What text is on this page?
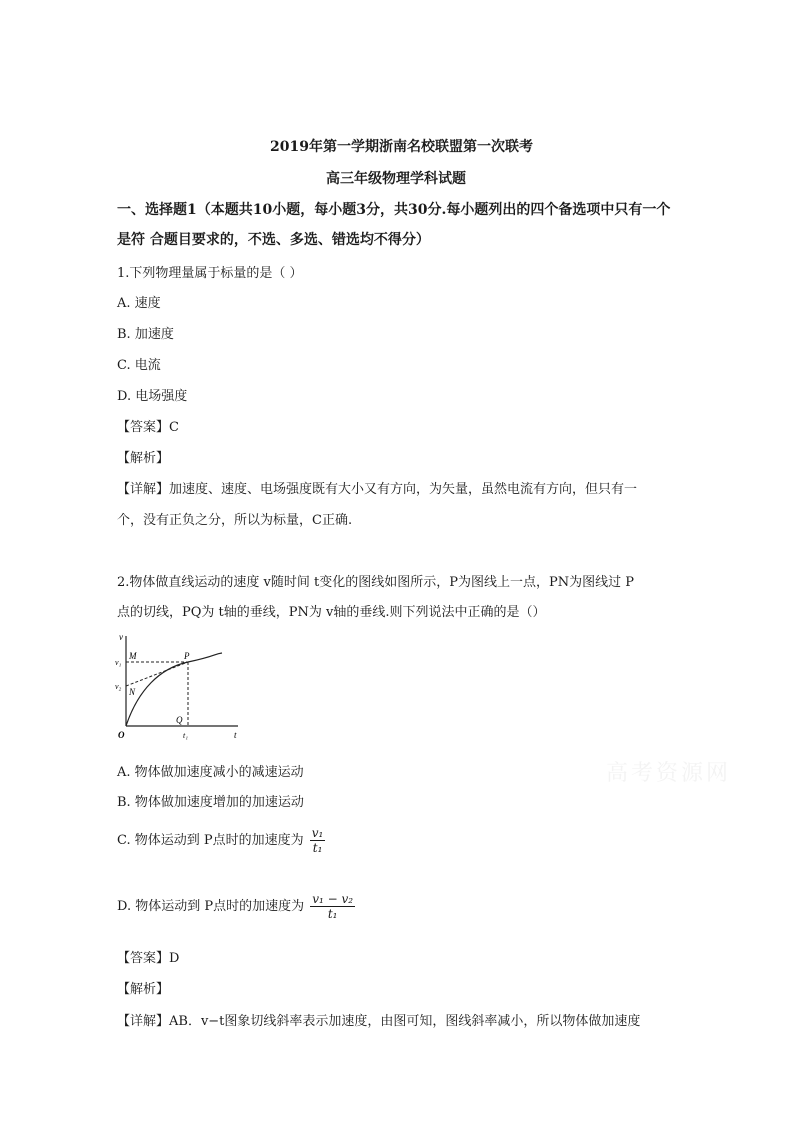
2019年第一学期浙南名校联盟第一次联考
高三年级物理学科试题
一、选择题1（本题共10小题，每小题3分，共30分.每小题列出的四个备选项中只有一个
是符 合题目要求的，不选、多选、错选均不得分）
1.下列物理量属于标量的是（ ）
A. 速度
B. 加速度
C. 电流
D. 电场强度
【答案】C
【解析】
【详解】加速度、速度、电场强度既有大小又有方向，为矢量，虽然电流有方向，但只有一
个，没有正负之分，所以为标量，C正确.
2.物体做直线运动的速度 v随时间 t变化的图线如图所示，P为图线上一点，PN为图线过 P
点的切线，PQ为 t轴的垂线，PN为 v轴的垂线.则下列说法中正确的是（）
v
t
O
M	P
N
Q
v₁
v₂
t₁
A. 物体做加速度减小的减速运动
B. 物体做加速度增加的加速运动
C. 物体运动到 P点时的加速度为 $\frac{\text{v₁}}{\text{t₁}}$
D. 物体运动到 P点时的加速度为 $\frac{\text{v₁ − v₂}}{\text{t₁}}$
【答案】D
【解析】
【详解】AB．v−t图象切线斜率表示加速度，由图可知，图线斜率减小，所以物体做加速度
高考资源网
